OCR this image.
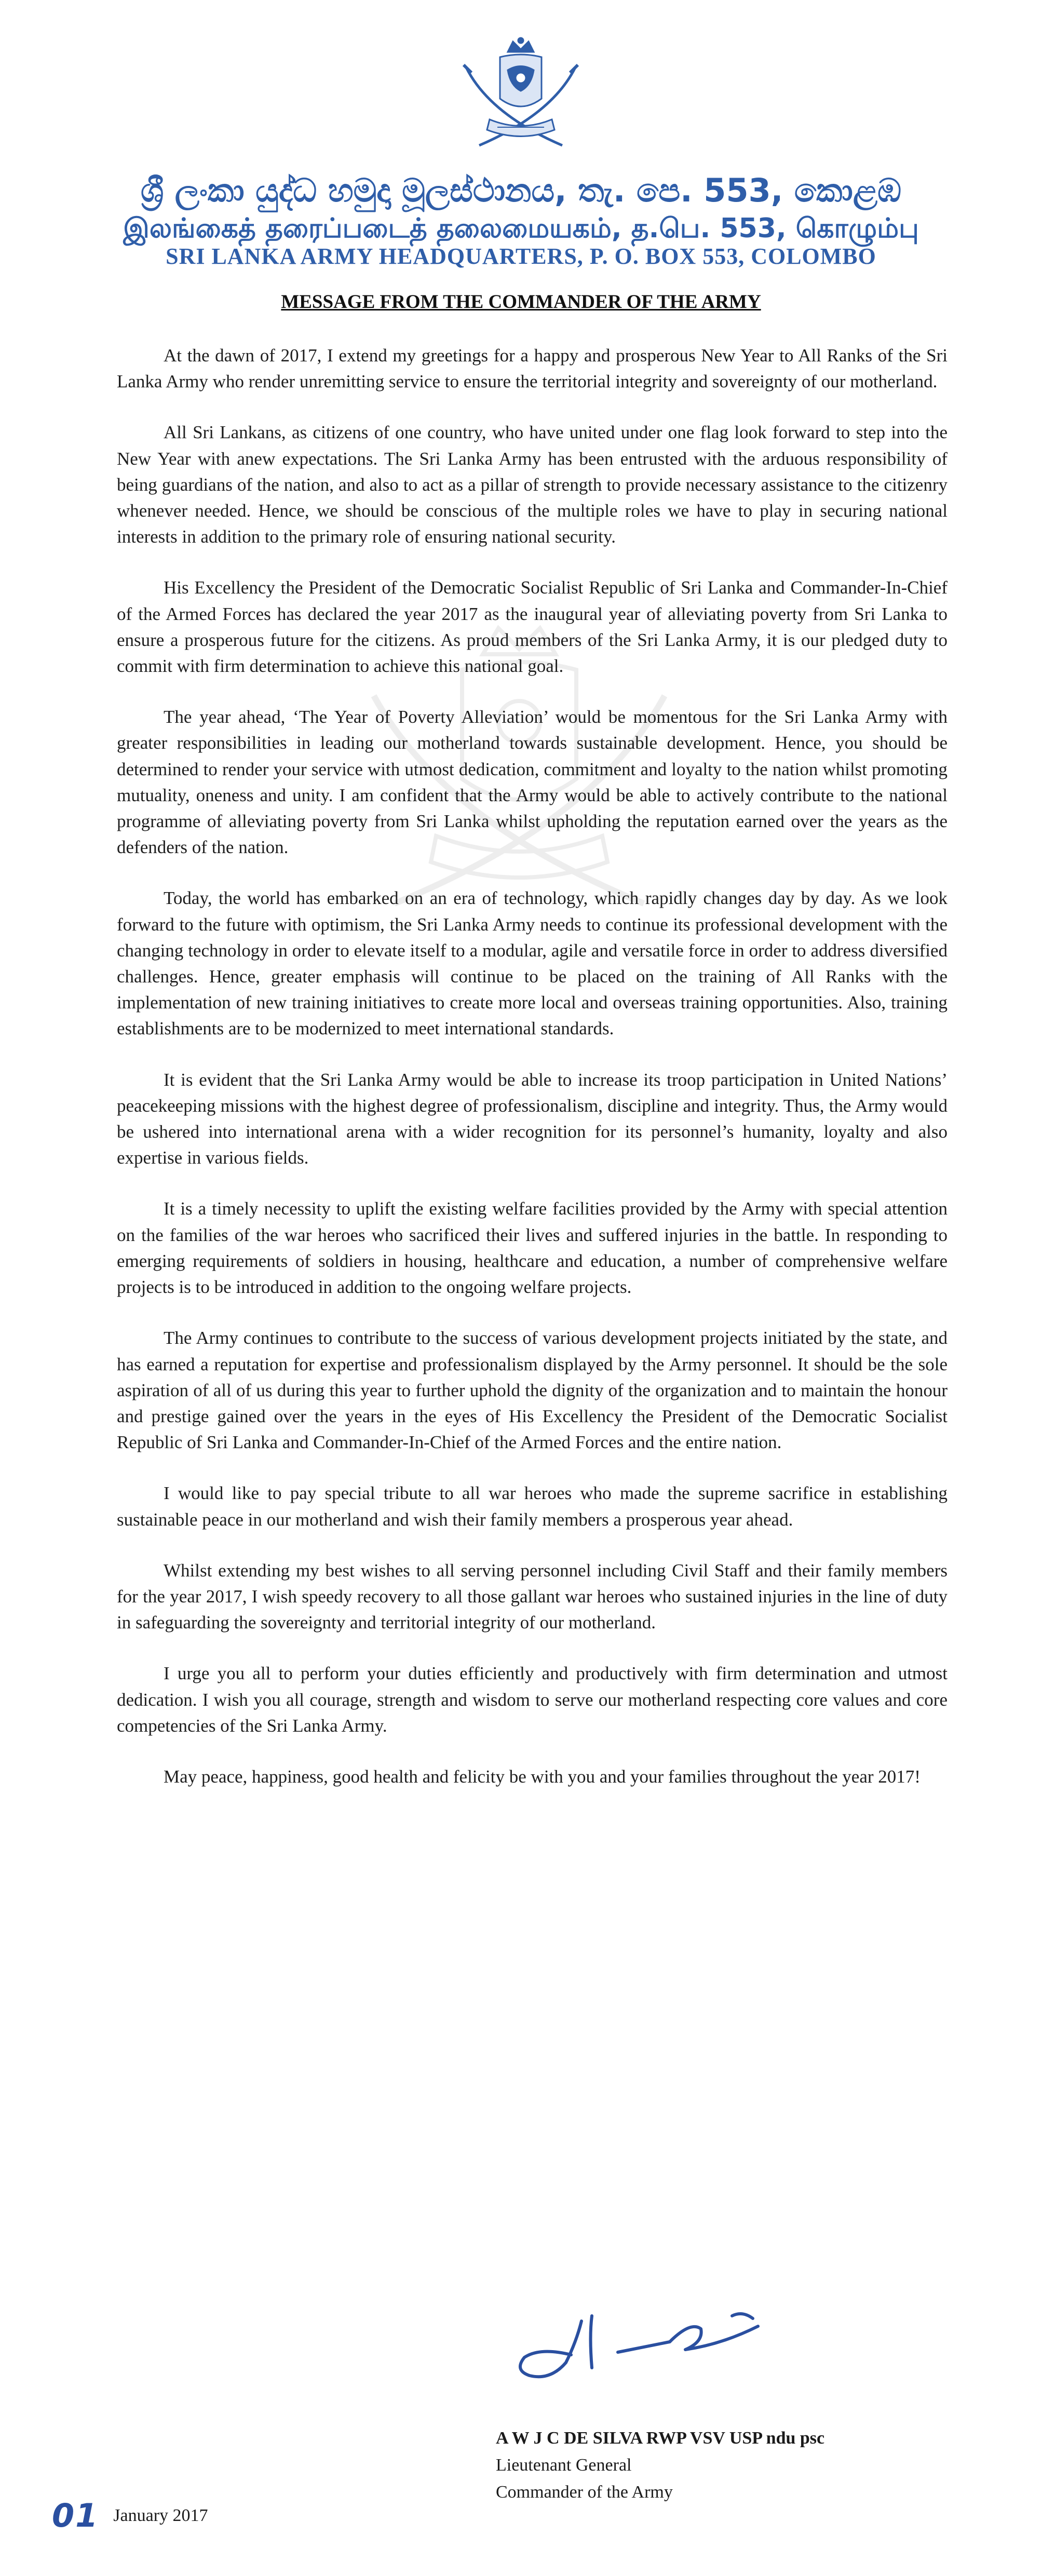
ශ්‍රී ලංකා යුද්ධ හමුදා මූලස්ථානය, තැ. පෙ. 553, කොළඹ
இலங்கைத் தரைப்படைத் தலைமையகம், த.பெ. 553, கொழும்பு
SRI LANKA ARMY HEADQUARTERS, P. O. BOX 553, COLOMBO
MESSAGE FROM THE COMMANDER OF THE ARMY

At the dawn of 2017, I extend my greetings for a happy and prosperous New Year to All Ranks of the Sri Lanka Army who render unremitting service to ensure the territorial integrity and sovereignty of our motherland.

All Sri Lankans, as citizens of one country, who have united under one flag look forward to step into the New Year with anew expectations. The Sri Lanka Army has been entrusted with the arduous responsibility of being guardians of the nation, and also to act as a pillar of strength to provide necessary assistance to the citizenry whenever needed. Hence, we should be conscious of the multiple roles we have to play in securing national interests in addition to the primary role of ensuring national security.

His Excellency the President of the Democratic Socialist Republic of Sri Lanka and Commander-In-Chief of the Armed Forces has declared the year 2017 as the inaugural year of alleviating poverty from Sri Lanka to ensure a prosperous future for the citizens. As proud members of the Sri Lanka Army, it is our pledged duty to commit with firm determination to achieve this national goal.

The year ahead, ‘The Year of Poverty Alleviation’ would be momentous for the Sri Lanka Army with greater responsibilities in leading our motherland towards sustainable development. Hence, you should be determined to render your service with utmost dedication, commitment and loyalty to the nation whilst promoting mutuality, oneness and unity. I am confident that the Army would be able to actively contribute to the national programme of alleviating poverty from Sri Lanka whilst upholding the reputation earned over the years as the defenders of the nation.

Today, the world has embarked on an era of technology, which rapidly changes day by day. As we look forward to the future with optimism, the Sri Lanka Army needs to continue its professional development with the changing technology in order to elevate itself to a modular, agile and versatile force in order to address diversified challenges. Hence, greater emphasis will continue to be placed on the training of All Ranks with the implementation of new training initiatives to create more local and overseas training opportunities. Also, training establishments are to be modernized to meet international standards.

It is evident that the Sri Lanka Army would be able to increase its troop participation in United Nations’ peacekeeping missions with the highest degree of professionalism, discipline and integrity. Thus, the Army would be ushered into international arena with a wider recognition for its personnel’s humanity, loyalty and also expertise in various fields.

It is a timely necessity to uplift the existing welfare facilities provided by the Army with special attention on the families of the war heroes who sacrificed their lives and suffered injuries in the battle. In responding to emerging requirements of soldiers in housing, healthcare and education, a number of comprehensive welfare projects is to be introduced in addition to the ongoing welfare projects.

The Army continues to contribute to the success of various development projects initiated by the state, and has earned a reputation for expertise and professionalism displayed by the Army personnel. It should be the sole aspiration of all of us during this year to further uphold the dignity of the organization and to maintain the honour and prestige gained over the years in the eyes of His Excellency the President of the Democratic Socialist Republic of Sri Lanka and Commander-In-Chief of the Armed Forces and the entire nation.

I would like to pay special tribute to all war heroes who made the supreme sacrifice in establishing sustainable peace in our motherland and wish their family members a prosperous year ahead.

Whilst extending my best wishes to all serving personnel including Civil Staff and their family members for the year 2017, I wish speedy recovery to all those gallant war heroes who sustained injuries in the line of duty in safeguarding the sovereignty and territorial integrity of our motherland.

I urge you all to perform your duties efficiently and productively with firm determination and utmost dedication. I wish you all courage, strength and wisdom to serve our motherland respecting core values and core competencies of the Sri Lanka Army.

May peace, happiness, good health and felicity be with you and your families throughout the year 2017!

A W J C DE SILVA RWP VSV USP ndu psc
Lieutenant General
Commander of the Army
01 January 2017
